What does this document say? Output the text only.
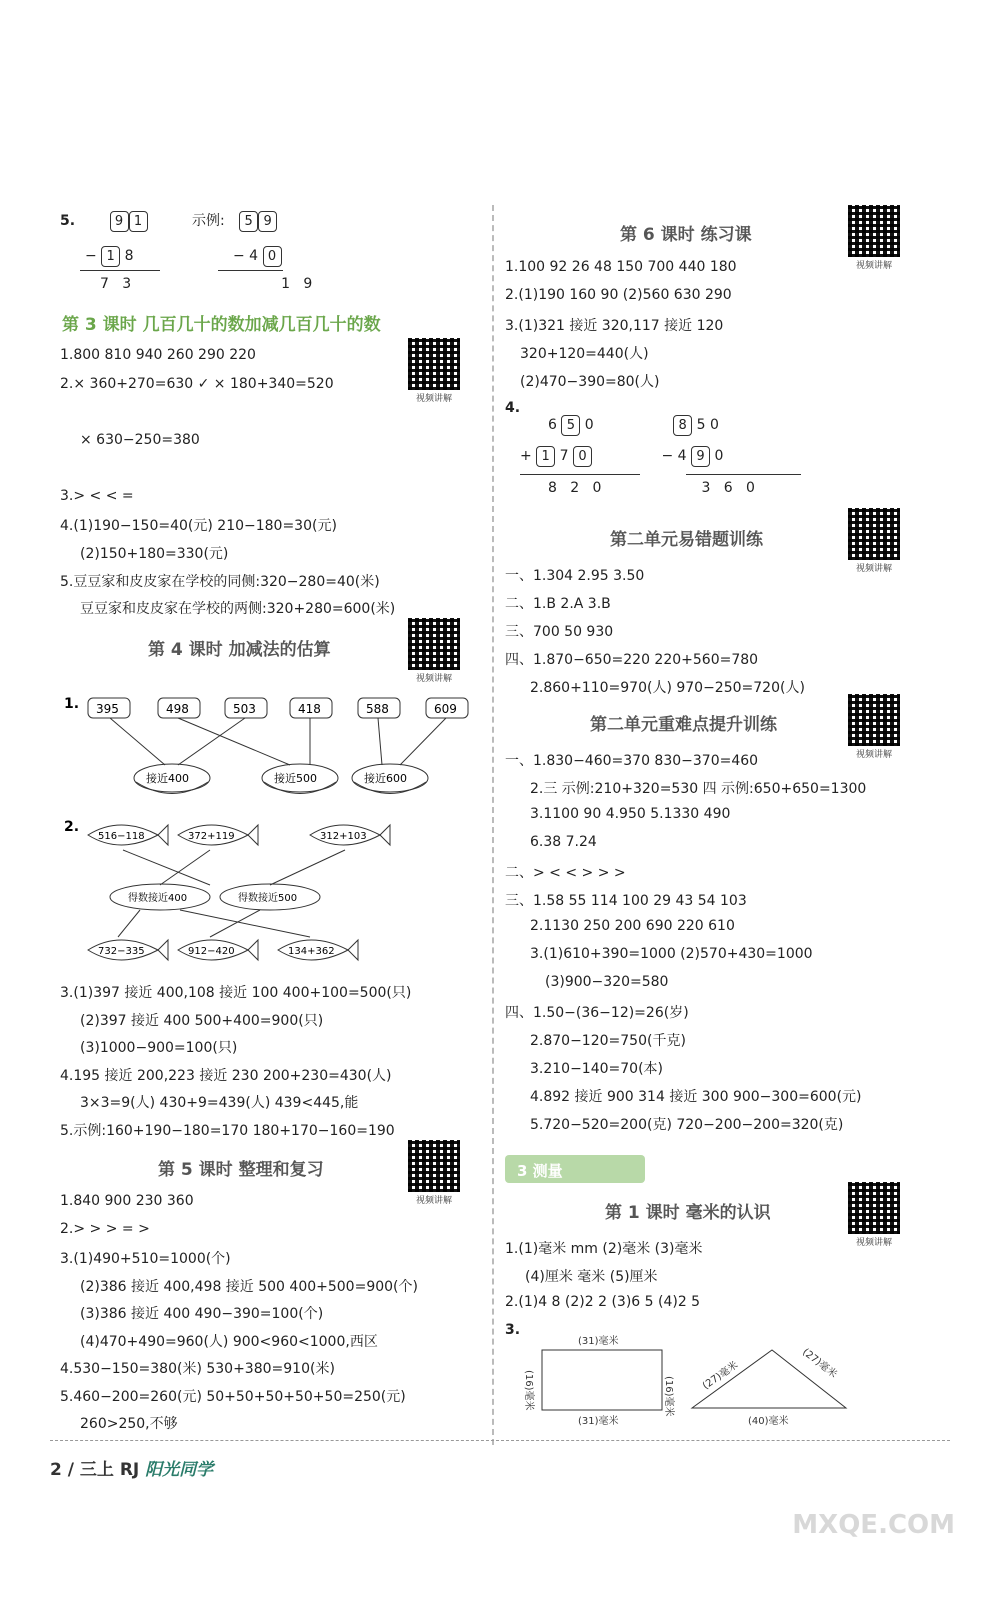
5.	9 1	示例: 5 9
− 1 8	− 4 0
7   3	1   9
第 3 课时 几百几十的数加减几百几十的数
1.800 810 940 260 290 220
视频讲解
2.× 360+270=630 ✓ × 180+340=520
× 630−250=380
3.> < < =
4.(1)190−150=40(元) 210−180=30(元)
(2)150+180=330(元)
5.豆豆家和皮皮家在学校的同侧:320−280=40(米)
豆豆家和皮皮家在学校的两侧:320+280=600(米)
第 4 课时 加减法的估算
视频讲解
1. 395	498	503	418	588	609
接近400	接近500	接近600
2.
516−118	372+119	312+103
得数接近400	得数接近500
732−335	912−420	134+362
3.(1)397 接近 400,108 接近 100 400+100=500(只)
(2)397 接近 400 500+400=900(只)
(3)1000−900=100(只)
4.195 接近 200,223 接近 230 200+230=430(人)
3×3=9(人) 430+9=439(人) 439<445,能
5.示例:160+190−180=170 180+170−160=190
第 5 课时 整理和复习
视频讲解
1.840 900 230 360
2.> > > = >
3.(1)490+510=1000(个)
(2)386 接近 400,498 接近 500 400+500=900(个)
(3)386 接近 400 490−390=100(个)
(4)470+490=960(人) 900<960<1000,西区
4.530−150=380(米) 530+380=910(米)
5.460−200=260(元) 50+50+50+50+50=250(元)
260>250,不够
第 6 课时 练习课
视频讲解
1.100 92 26 48 150 700 440 180
2.(1)190 160 90 (2)560 630 290
3.(1)321 接近 320,117 接近 120
320+120=440(人)
(2)470−390=80(人)
4.
6 5 0	8 5 0
+ 1 7 0	− 4 9 0
8   2   0	3   6   0
第二单元易错题训练
视频讲解
一、1.304 2.95 3.50
二、1.B 2.A 3.B
三、700 50 930
四、1.870−650=220 220+560=780
2.860+110=970(人) 970−250=720(人)
第二单元重难点提升训练
视频讲解
一、1.830−460=370 830−370=460
2.三 示例:210+320=530 四 示例:650+650=1300
3.1100 90 4.950 5.1330 490
6.38 7.24
二、> < < > > >
三、1.58 55 114 100 29 43 54 103
2.1130 250 200 690 220 610
3.(1)610+390=1000 (2)570+430=1000
(3)900−320=580
四、1.50−(36−12)=26(岁)
2.870−120=750(千克)
3.210−140=70(本)
4.892 接近 900 314 接近 300 900−300=600(元)
5.720−520=200(克) 720−200−200=320(克)
3 测量
第 1 课时 毫米的认识
视频讲解
1.(1)毫米 mm (2)毫米 (3)毫米
(4)厘米 毫米 (5)厘米
2.(1)4 8 (2)2 2 (3)6 5 (4)2 5
3.
(31)毫米
(31)毫米
(16)毫米	(16)毫米
(27)毫米	(27)毫米
(40)毫米
2 / 三上 RJ 阳光同学
MXQE.COM
